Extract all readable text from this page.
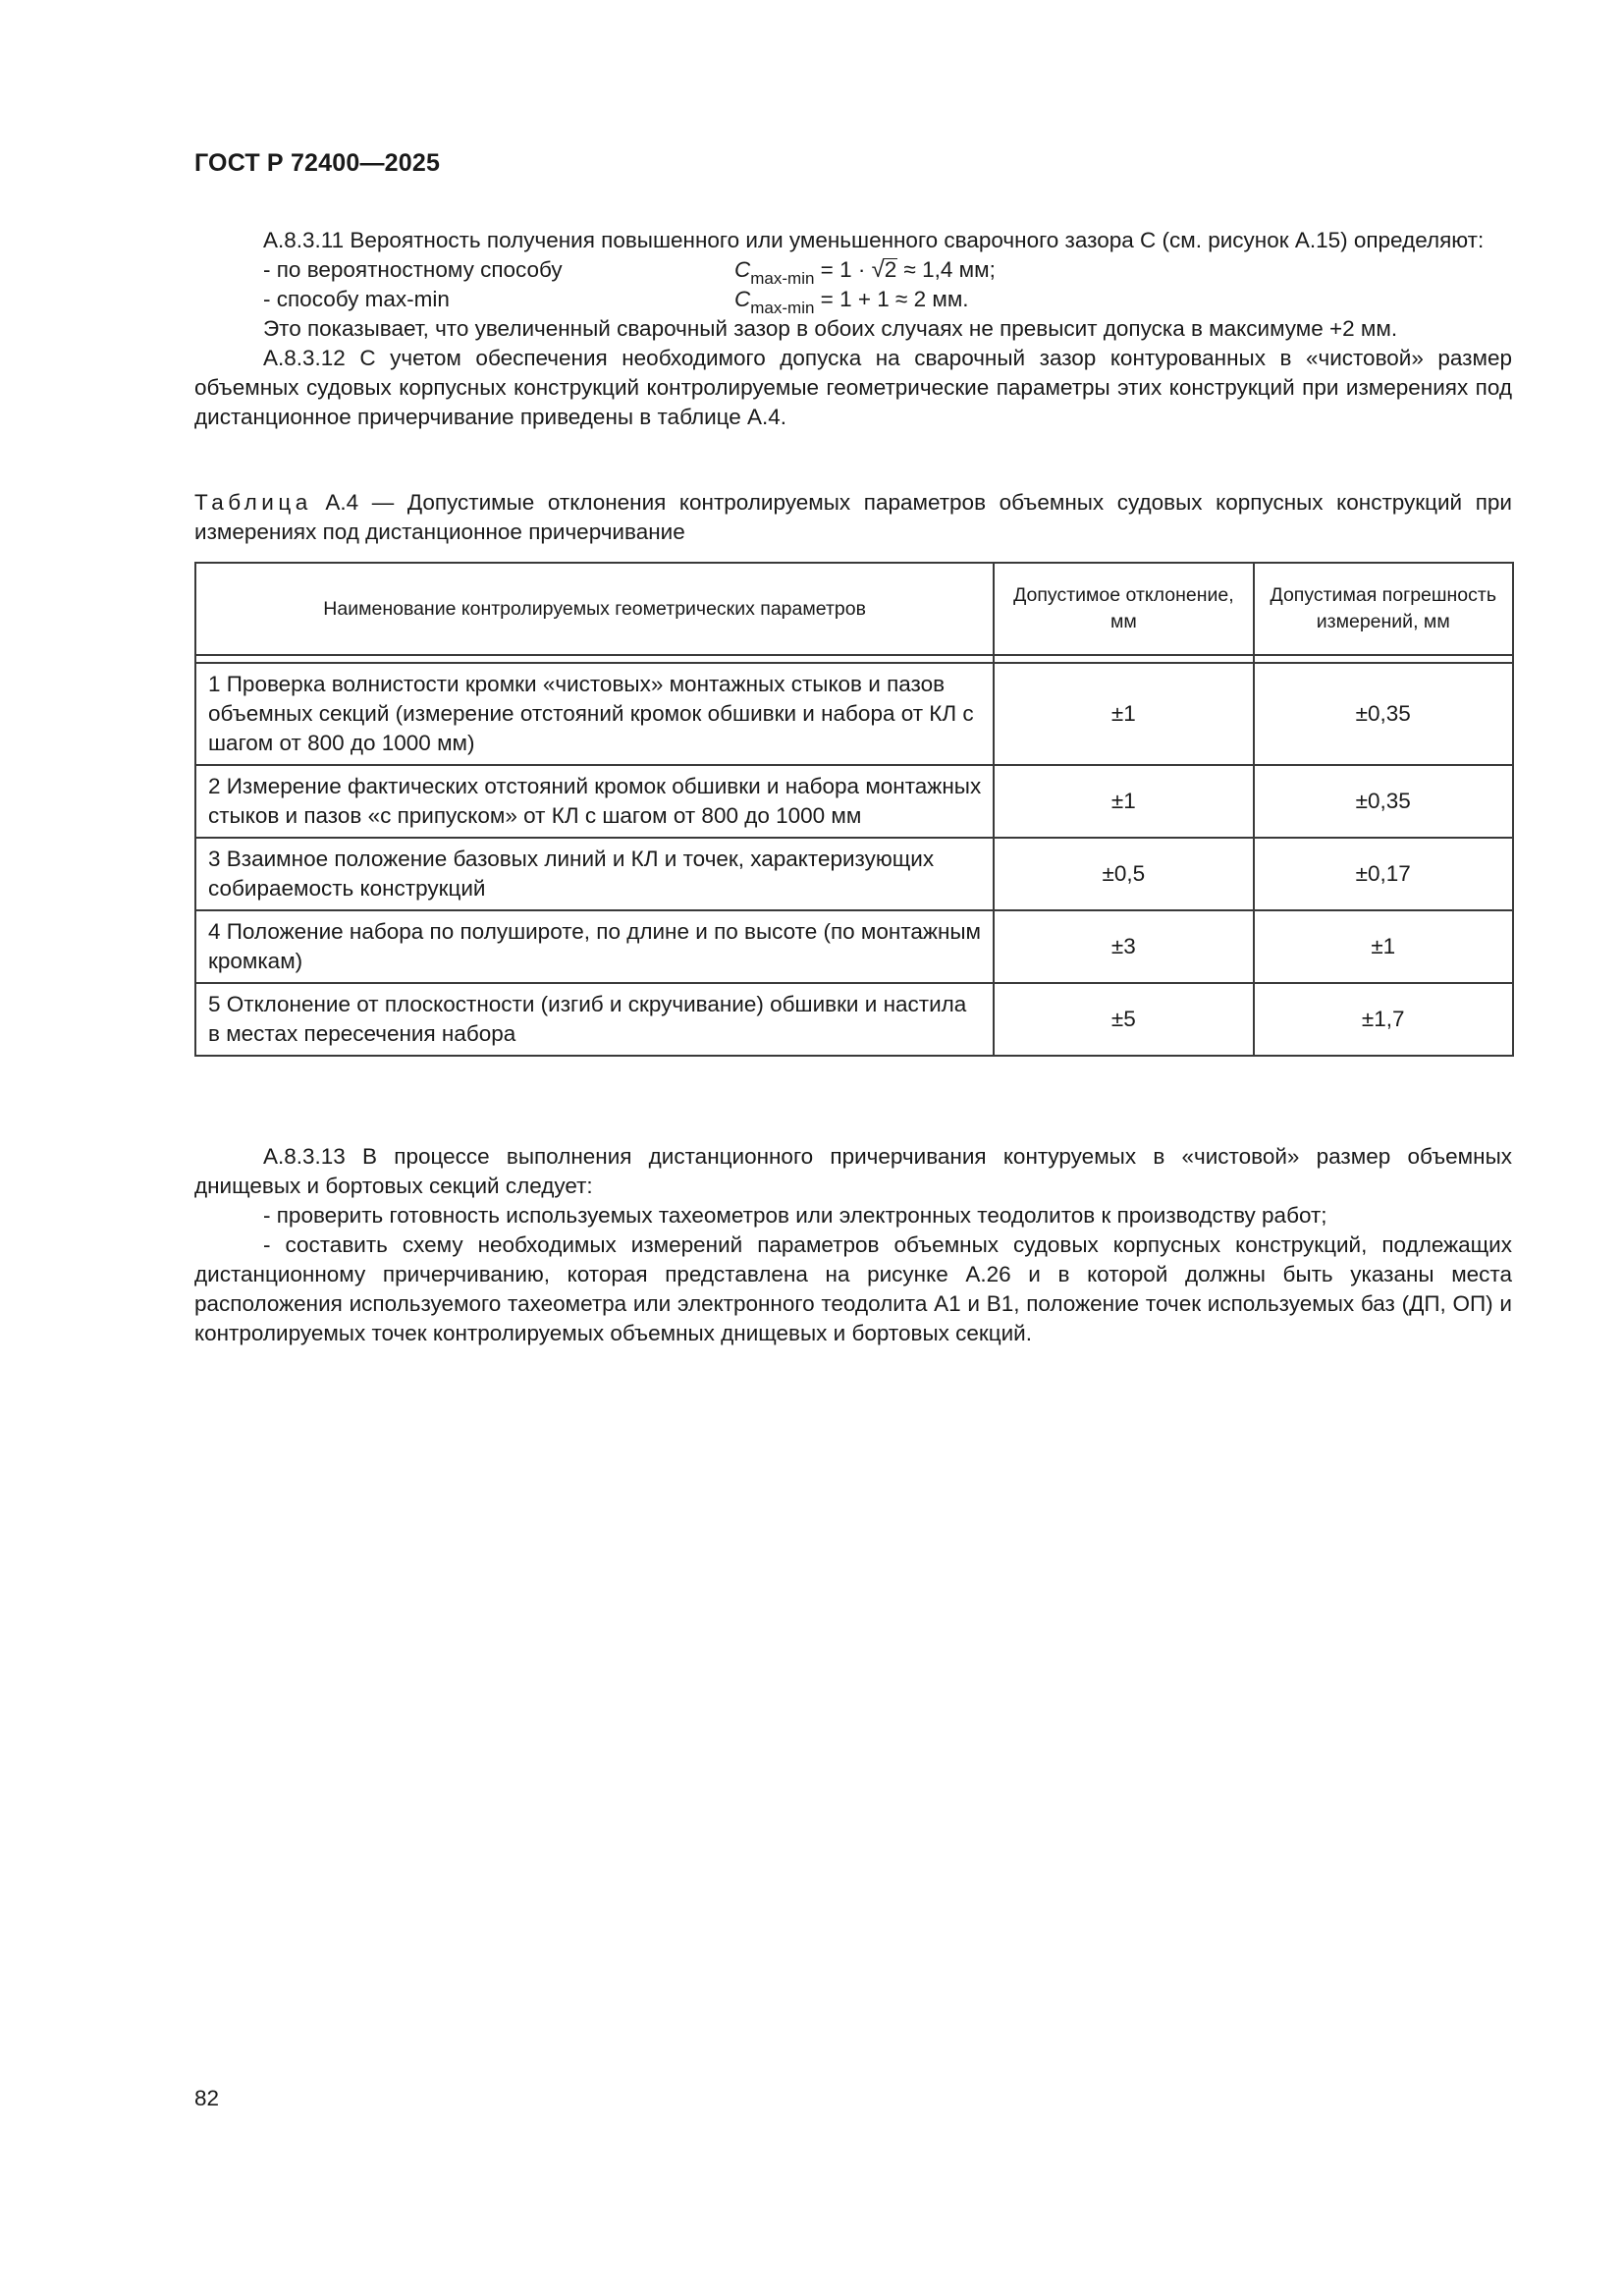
ГОСТ Р 72400—2025

А.8.3.11 Вероятность получения повышенного или уменьшенного сварочного зазора С (см. рисунок А.15) определяют:

- по вероятностному способу	$C_{max-min} = 1 \cdot √2 \approx 1,4$ мм;
- способу max-min	$C_{max-min} = 1 + 1 \approx 2$ мм.

Это показывает, что увеличенный сварочный зазор в обоих случаях не превысит допуска в максимуме +2 мм.

А.8.3.12 С учетом обеспечения необходимого допуска на сварочный зазор контурованных в «чистовой» размер объемных судовых корпусных конструкций контролируемые геометрические параметры этих конструкций при измерениях под дистанционное причерчивание приведены в таблице А.4.

Таблица А.4 — Допустимые отклонения контролируемых параметров объемных судовых корпусных конструкций при измерениях под дистанционное причерчивание
Наименование контролируемых геометрических параметров	Допустимое отклонение, мм	Допустимая погрешность измерений, мм

1 Проверка волнистости кромки «чистовых» монтажных стыков и пазов объемных секций (измерение отстояний кромок обшивки и набора от КЛ с шагом от 800 до 1000 мм)	±1	±0,35
2 Измерение фактических отстояний кромок обшивки и набора монтажных стыков и пазов «с припуском» от КЛ с шагом от 800 до 1000 мм	±1	±0,35
3 Взаимное положение базовых линий и КЛ и точек, характеризующих собираемость конструкций	±0,5	±0,17
4 Положение набора по полушироте, по длине и по высоте (по монтажным кромкам)	±3	±1
5 Отклонение от плоскостности (изгиб и скручивание) обшивки и настила в местах пересечения набора	±5	±1,7

А.8.3.13 В процессе выполнения дистанционного причерчивания контуруемых в «чистовой» размер объемных днищевых и бортовых секций следует:

- проверить готовность используемых тахеометров или электронных теодолитов к производству работ;

- составить схему необходимых измерений параметров объемных судовых корпусных конструкций, подлежащих дистанционному причерчиванию, которая представлена на рисунке А.26 и в которой должны быть указаны места расположения используемого тахеометра или электронного теодолита А1 и В1, положение точек используемых баз (ДП, ОП) и контролируемых точек контролируемых объемных днищевых и бортовых секций.

82
